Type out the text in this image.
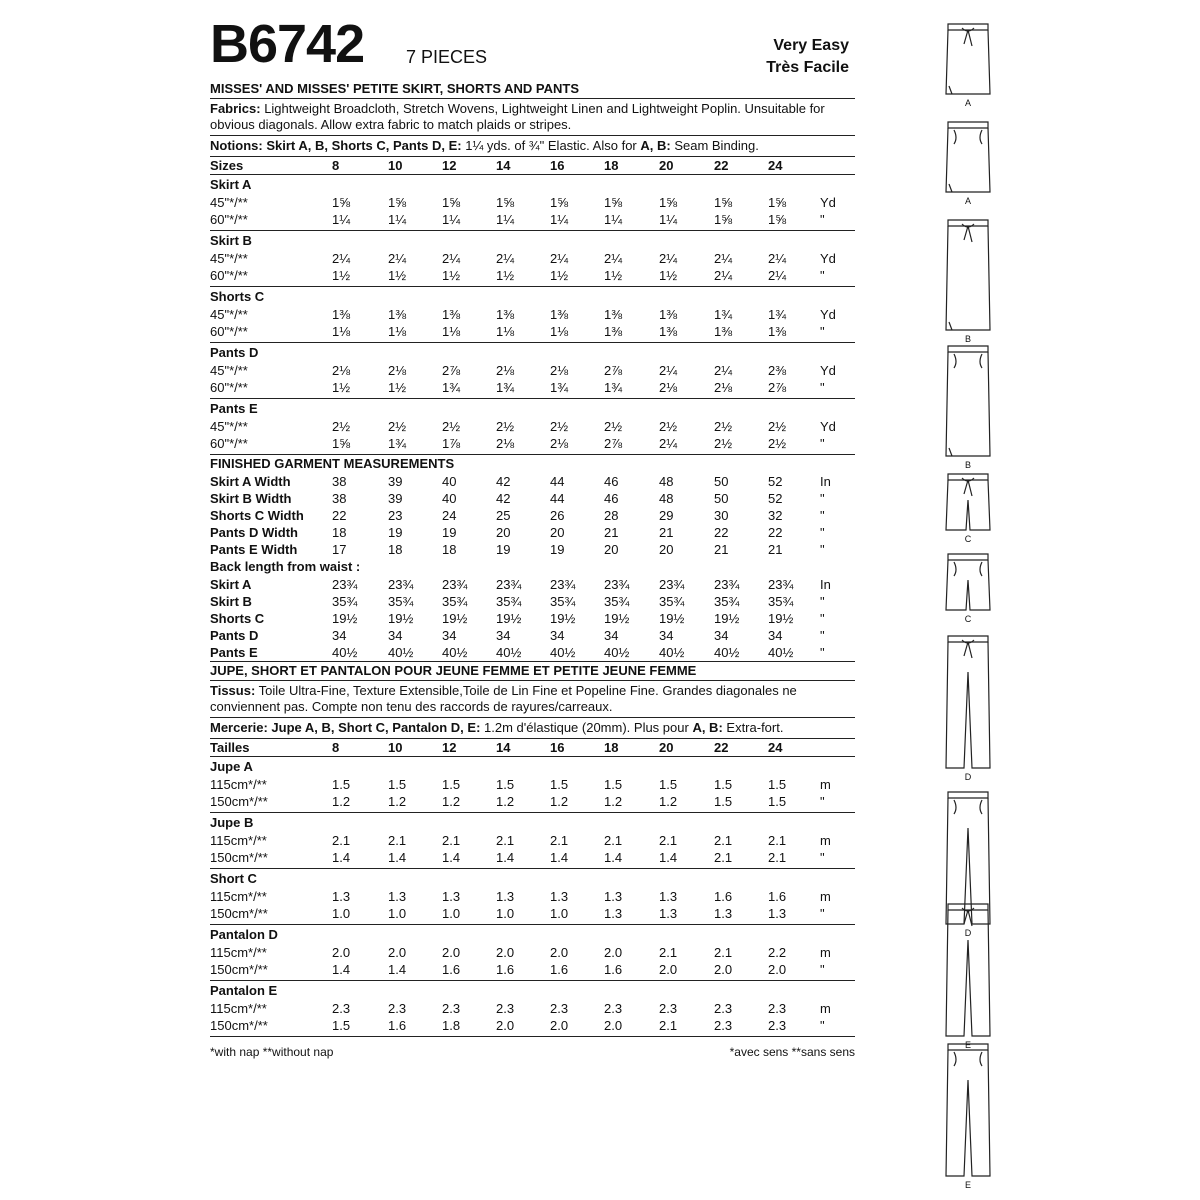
B6742 7 PIECES
Very Easy
Très Facile
MISSES' AND MISSES' PETITE SKIRT, SHORTS AND PANTS
Fabrics: Lightweight Broadcloth, Stretch Wovens, Lightweight Linen and Lightweight Poplin. Unsuitable for obvious diagonals. Allow extra fabric to match plaids or stripes.
Notions: Skirt A, B, Shorts C, Pants D, E: 1¼ yds. of ¾" Elastic. Also for A, B: Seam Binding.
Sizes	8	10	12	14	16	18	20	22	24
Skirt A
45"*/**	1⅝	1⅝	1⅝	1⅝	1⅝	1⅝	1⅝	1⅝	1⅝	Yd
60"*/**	1¼	1¼	1¼	1¼	1¼	1¼	1¼	1⅝	1⅝	"
Skirt B
45"*/**	2¼	2¼	2¼	2¼	2¼	2¼	2¼	2¼	2¼	Yd
60"*/**	1½	1½	1½	1½	1½	1½	1½	2¼	2¼	"
Shorts C
45"*/**	1⅜	1⅜	1⅜	1⅜	1⅜	1⅜	1⅜	1¾	1¾	Yd
60"*/**	1⅛	1⅛	1⅛	1⅛	1⅛	1⅜	1⅜	1⅜	1⅜	"
Pants D
45"*/**	2⅛	2⅛	2⅞	2⅛	2⅛	2⅞	2¼	2¼	2⅜	Yd
60"*/**	1½	1½	1¾	1¾	1¾	1¾	2⅛	2⅛	2⅞	"
Pants E
45"*/**	2½	2½	2½	2½	2½	2½	2½	2½	2½	Yd
60"*/**	1⅝	1¾	1⅞	2⅛	2⅛	2⅞	2¼	2½	2½	"
FINISHED GARMENT MEASUREMENTS
Skirt A Width	38	39	40	42	44	46	48	50	52	In
Skirt B Width	38	39	40	42	44	46	48	50	52	"
Shorts C Width 22	23	24	25	26	28	29	30	32	"
Pants D Width	18	19	19	20	20	21	21	22	22	"
Pants E Width	17	18	18	19	19	20	20	21	21	"
Back length from waist :
Skirt A	23¾	23¾	23¾	23¾	23¾	23¾	23¾	23¾	23¾	In
Skirt B	35¾	35¾	35¾	35¾	35¾	35¾	35¾	35¾	35¾	"
Shorts C	19½	19½	19½	19½	19½	19½	19½	19½	19½	"
Pants D	34	34	34	34	34	34	34	34	34	"
Pants E	40½	40½	40½	40½	40½	40½	40½	40½	40½	"
JUPE, SHORT ET PANTALON POUR JEUNE FEMME ET PETITE JEUNE FEMME
Tissus: Toile Ultra-Fine, Texture Extensible,Toile de Lin Fine et Popeline Fine. Grandes diagonales ne conviennent pas. Compte non tenu des raccords de rayures/carreaux.
Mercerie: Jupe A, B, Short C, Pantalon D, E: 1.2m d'élastique (20mm). Plus pour A, B: Extra-fort.
Tailles	8	10	12	14	16	18	20	22	24
Jupe A
115cm*/**	1.5	1.5	1.5	1.5	1.5	1.5	1.5	1.5	1.5	m
150cm*/**	1.2	1.2	1.2	1.2	1.2	1.2	1.2	1.5	1.5	"
Jupe B
115cm*/**	2.1	2.1	2.1	2.1	2.1	2.1	2.1	2.1	2.1	m
150cm*/**	1.4	1.4	1.4	1.4	1.4	1.4	1.4	2.1	2.1	"
Short C
115cm*/**	1.3	1.3	1.3	1.3	1.3	1.3	1.3	1.6	1.6	m
150cm*/**	1.0	1.0	1.0	1.0	1.0	1.3	1.3	1.3	1.3	"
Pantalon D
115cm*/**	2.0	2.0	2.0	2.0	2.0	2.0	2.1	2.1	2.2	m
150cm*/**	1.4	1.4	1.6	1.6	1.6	1.6	2.0	2.0	2.0	"
Pantalon E
115cm*/**	2.3	2.3	2.3	2.3	2.3	2.3	2.3	2.3	2.3	m
150cm*/**	1.5	1.6	1.8	2.0	2.0	2.0	2.1	2.3	2.3	"
*with nap **without nap	*avec sens **sans sens
A
A
B
B
C
C
D
D
E
E
